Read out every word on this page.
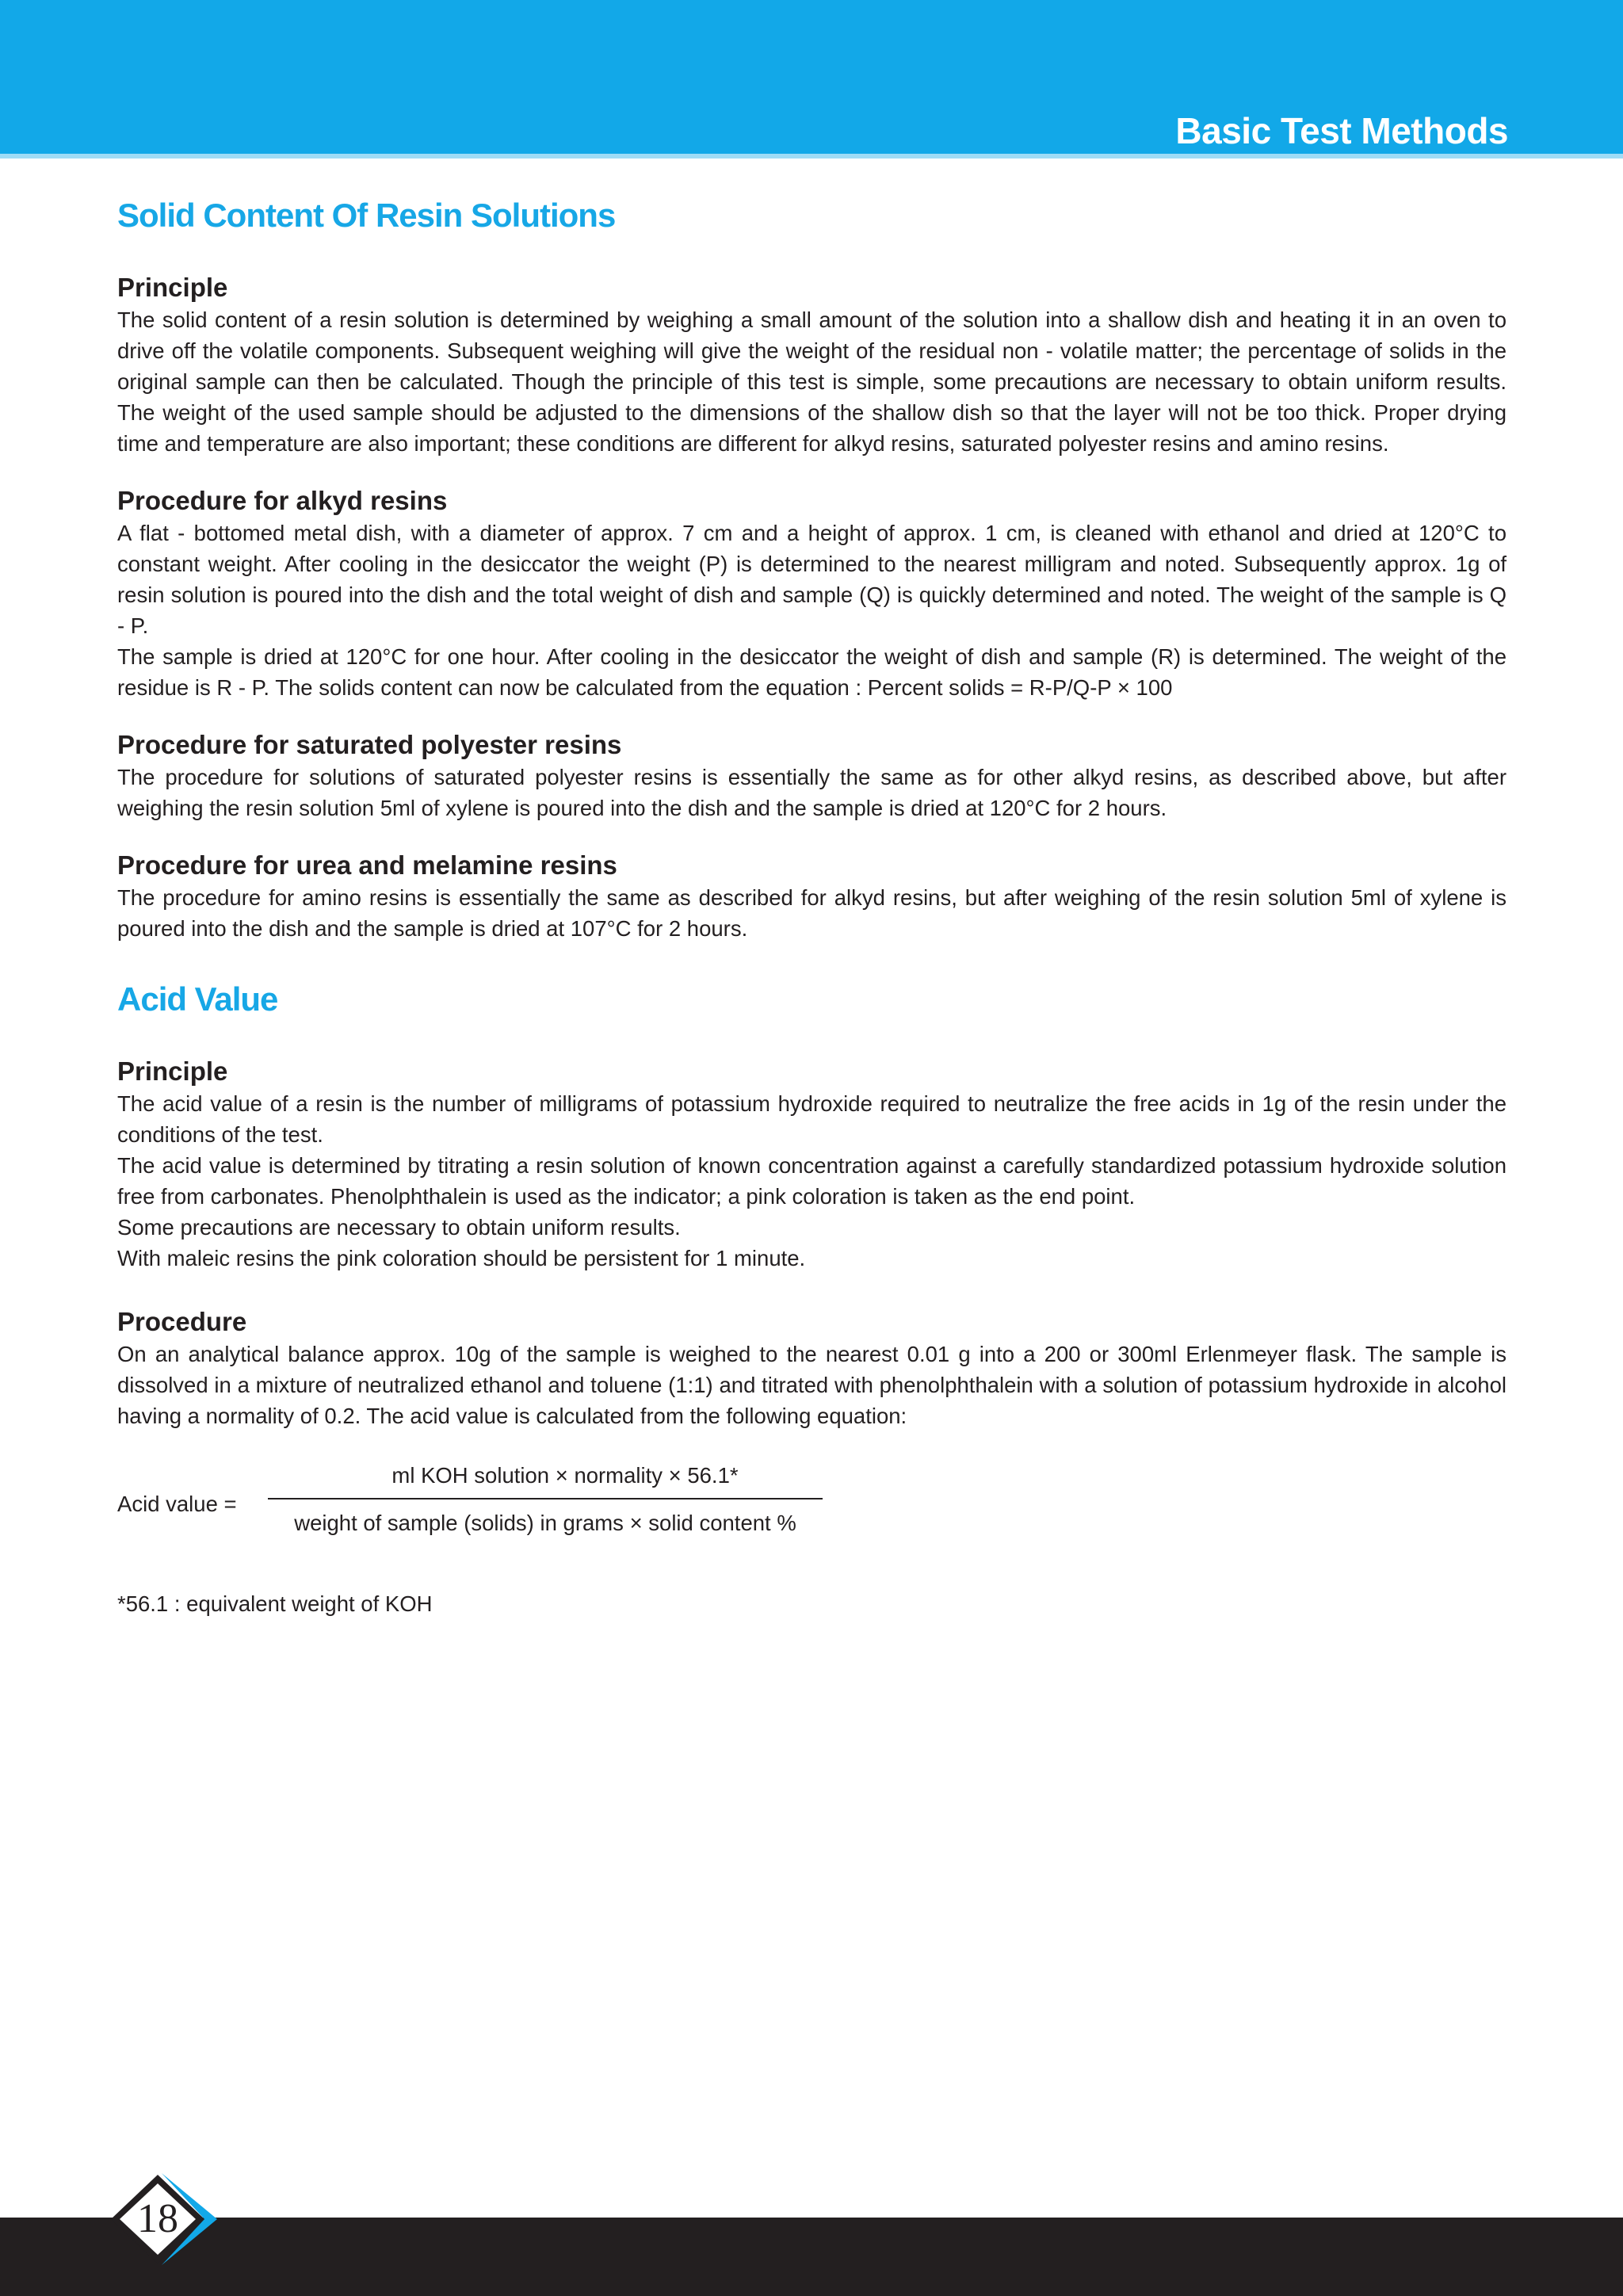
Basic Test Methods
Solid Content Of Resin Solutions
Principle

The solid content of a resin solution is determined by weighing a small amount of the solution into a shallow dish and heating it in an oven to drive off the volatile components. Subsequent weighing will give the weight of the residual non - volatile matter; the percentage of solids in the original sample can then be calculated. Though the principle of this test is simple, some precautions are necessary to obtain uniform results. The weight of the used sample should be adjusted to the dimensions of the shallow dish so that the layer will not be too thick. Proper drying time and temperature are also important; these conditions are different for alkyd resins, saturated polyester resins and amino resins.

Procedure for alkyd resins

A flat - bottomed metal dish, with a diameter of approx. 7 cm and a height of approx. 1 cm, is cleaned with ethanol and dried at 120°C to constant weight. After cooling in the desiccator the weight (P) is determined to the nearest milligram and noted. Subsequently approx. 1g of resin solution is poured into the dish and the total weight of dish and sample (Q) is quickly determined and noted. The weight of the sample is Q - P.

The sample is dried at 120°C for one hour. After cooling in the desiccator the weight of dish and sample (R) is determined. The weight of the residue is R - P. The solids content can now be calculated from the equation : Percent solids = R-P/Q-P × 100

Procedure for saturated polyester resins

The procedure for solutions of saturated polyester resins is essentially the same as for other alkyd resins, as described above, but after weighing the resin solution 5ml of xylene is poured into the dish and the sample is dried at 120°C for 2 hours.

Procedure for urea and melamine resins

The procedure for amino resins is essentially the same as described for alkyd resins, but after weighing of the resin solution 5ml of xylene is poured into the dish and the sample is dried at 107°C for 2 hours.

Acid Value
Principle

The acid value of a resin is the number of milligrams of potassium hydroxide required to neutralize the free acids in 1g of the resin under the conditions of the test.

The acid value is determined by titrating a resin solution of known concentration against a carefully standardized potassium hydroxide solution free from carbonates. Phenolphthalein is used as the indicator; a pink coloration is taken as the end point.

Some precautions are necessary to obtain uniform results.

With maleic resins the pink coloration should be persistent for 1 minute.

Procedure

On an analytical balance approx. 10g of the sample is weighed to the nearest 0.01 g into a 200 or 300ml Erlenmeyer flask. The sample is dissolved in a mixture of neutralized ethanol and toluene (1:1) and titrated with phenolphthalein with a solution of potassium hydroxide in alcohol having a normality of 0.2. The acid value is calculated from the following equation:

Acid value =
ml KOH solution × normality × 56.1*
weight of sample (solids) in grams × solid content %
*56.1 : equivalent weight of KOH
18
